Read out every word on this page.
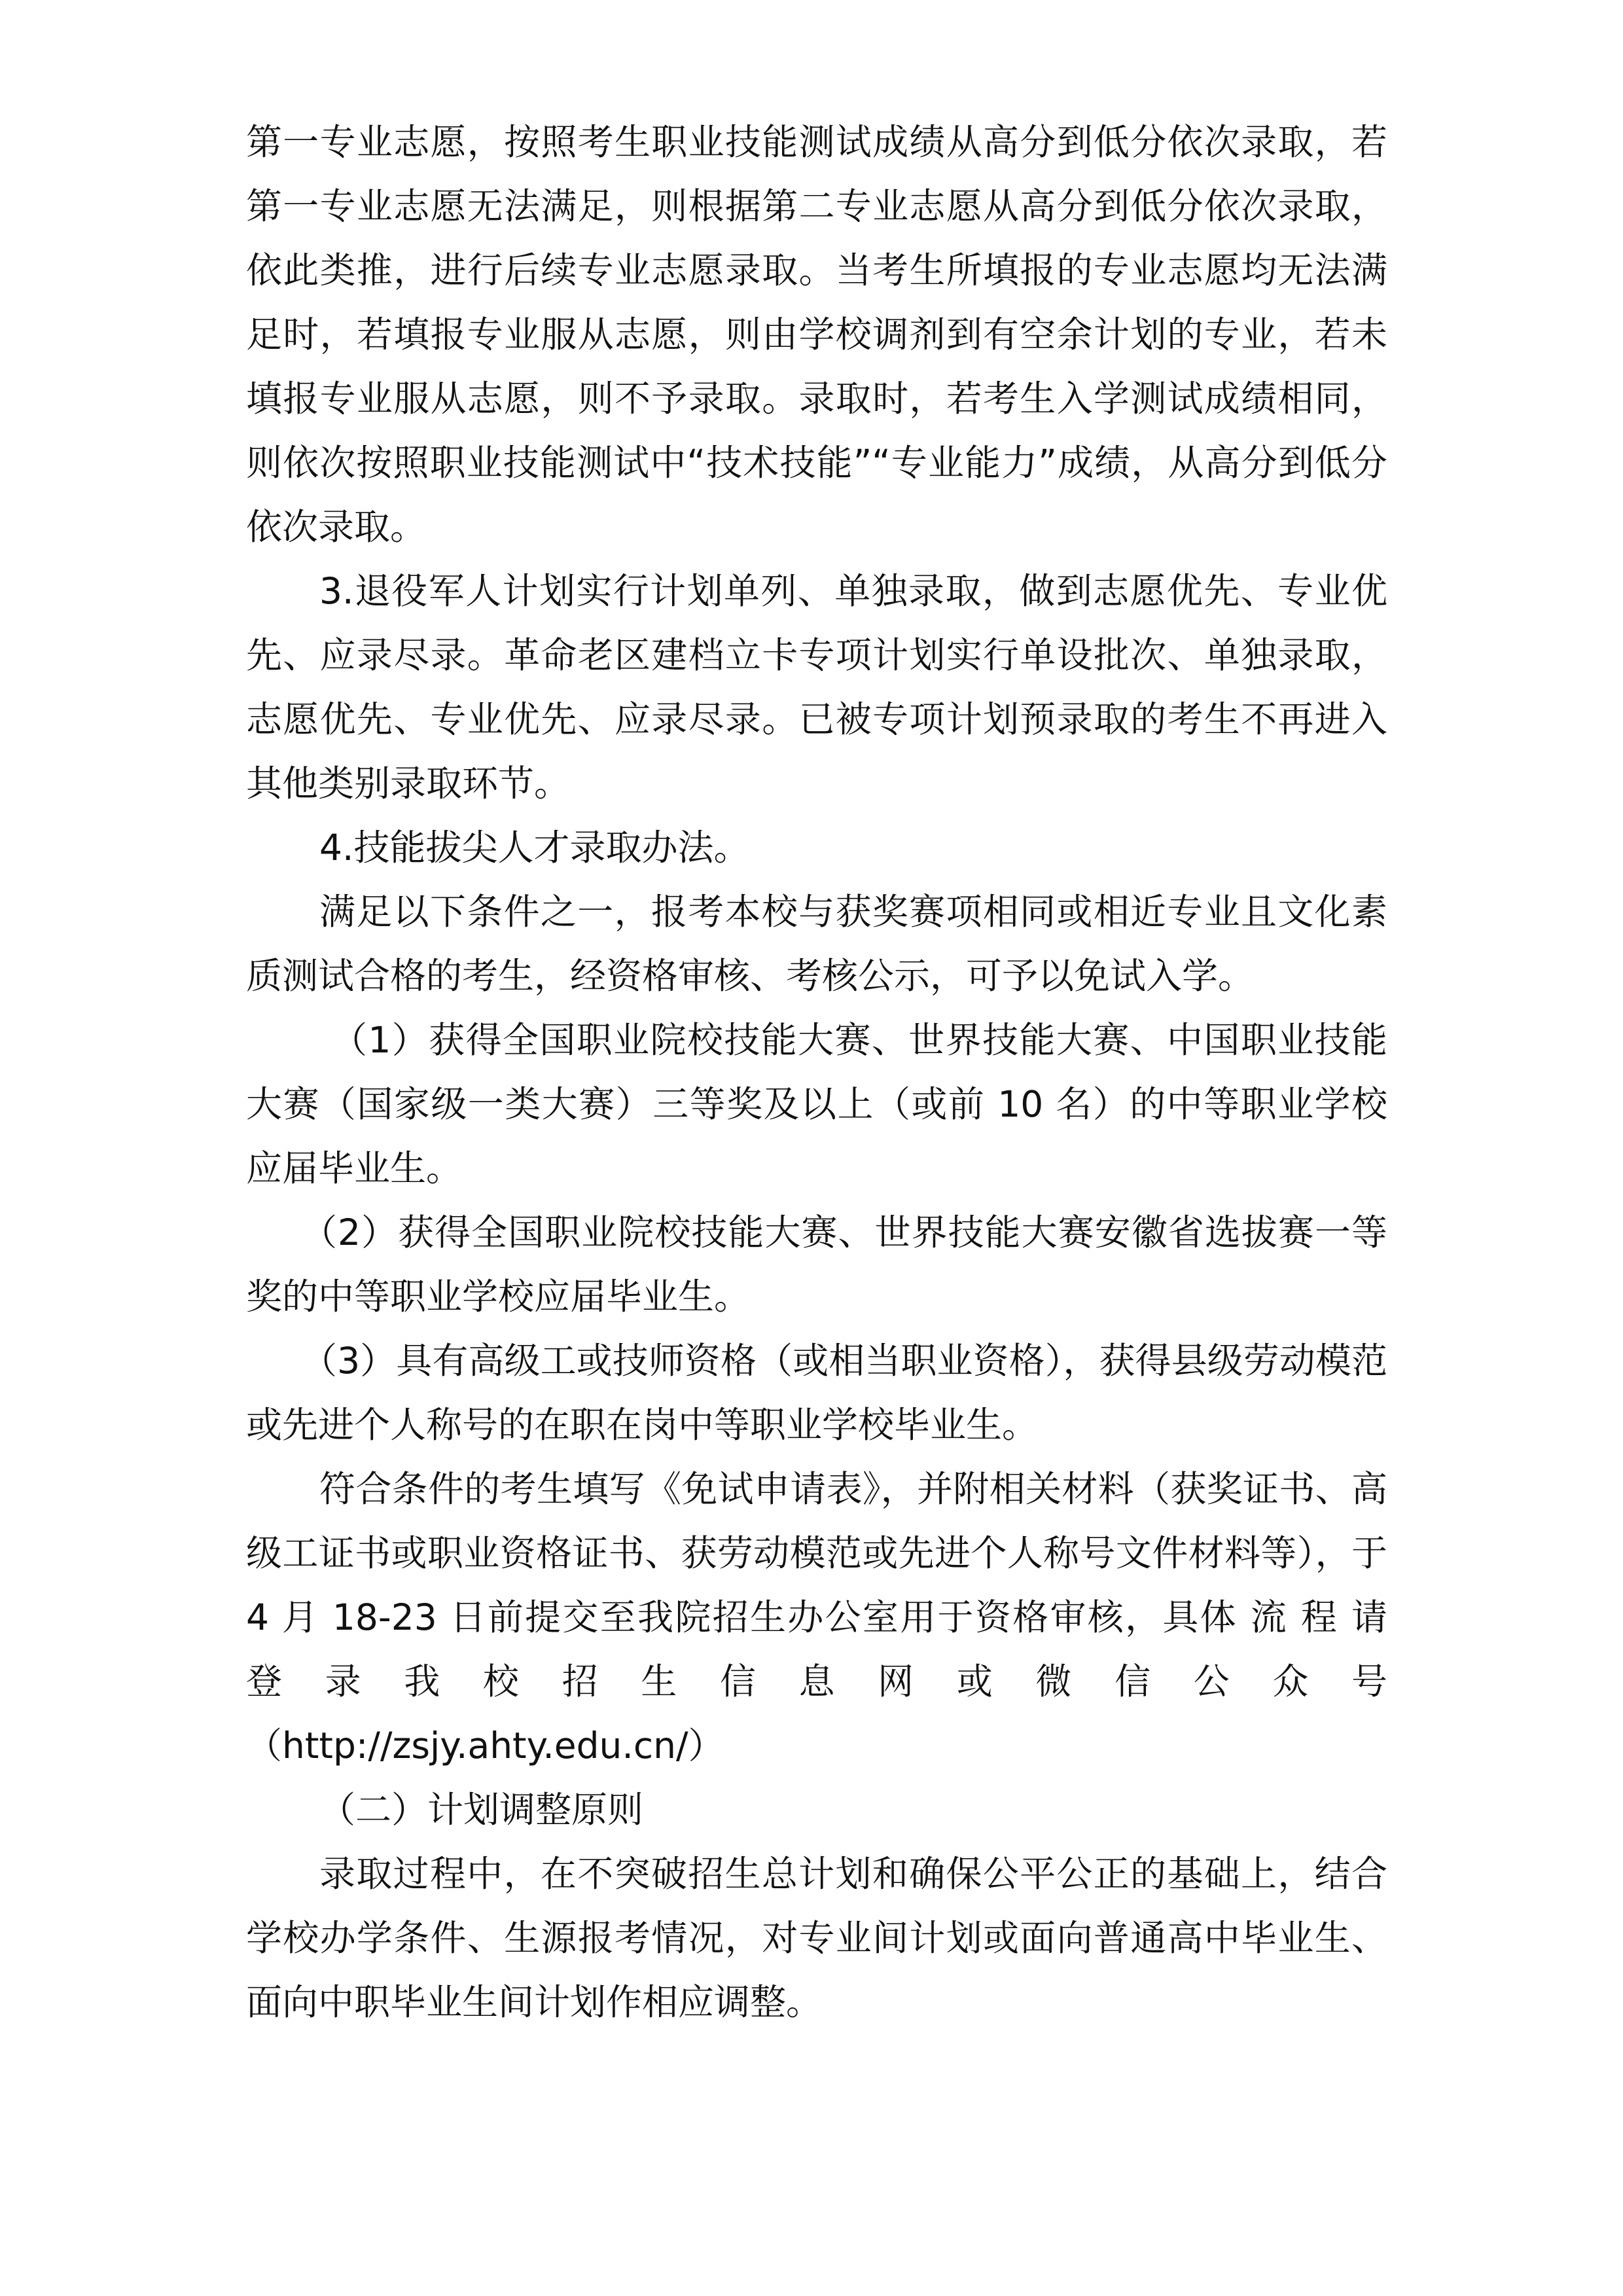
第一专业志愿，按照考生职业技能测试成绩从高分到低分依次录取，若第一专业志愿无法满足，则根据第二专业志愿从高分到低分依次录取，依此类推，进行后续专业志愿录取。当考生所填报的专业志愿均无法满足时，若填报专业服从志愿，则由学校调剂到有空余计划的专业，若未填报专业服从志愿，则不予录取。录取时，若考生入学测试成绩相同，则依次按照职业技能测试中“技术技能”“专业能力”成绩，从高分到低分依次录取。

3.退役军人计划实行计划单列、单独录取，做到志愿优先、专业优先、应录尽录。革命老区建档立卡专项计划实行单设批次、单独录取，志愿优先、专业优先、应录尽录。已被专项计划预录取的考生不再进入其他类别录取环节。

4.技能拔尖人才录取办法。

满足以下条件之一，报考本校与获奖赛项相同或相近专业且文化素质测试合格的考生，经资格审核、考核公示，可予以免试入学。

（1）获得全国职业院校技能大赛、世界技能大赛、中国职业技能大赛（国家级一类大赛）三等奖及以上（或前 10 名）的中等职业学校应届毕业生。

（2）获得全国职业院校技能大赛、世界技能大赛安徽省选拔赛一等奖的中等职业学校应届毕业生。

（3）具有高级工或技师资格（或相当职业资格），获得县级劳动模范或先进个人称号的在职在岗中等职业学校毕业生。

符合条件的考生填写《免试申请表》，并附相关材料（获奖证书、高级工证书或职业资格证书、获劳动模范或先进个人称号文件材料等），于 4 月 18-23 日前提交至我院招生办公室用于资格审核，具体 流 程 请 登 录 我 校 招 生 信 息 网 或 微 信 公 众 号

（http://zsjy.ahty.edu.cn/）

（二）计划调整原则

录取过程中，在不突破招生总计划和确保公平公正的基础上，结合学校办学条件、生源报考情况，对专业间计划或面向普通高中毕业生、面向中职毕业生间计划作相应调整。
